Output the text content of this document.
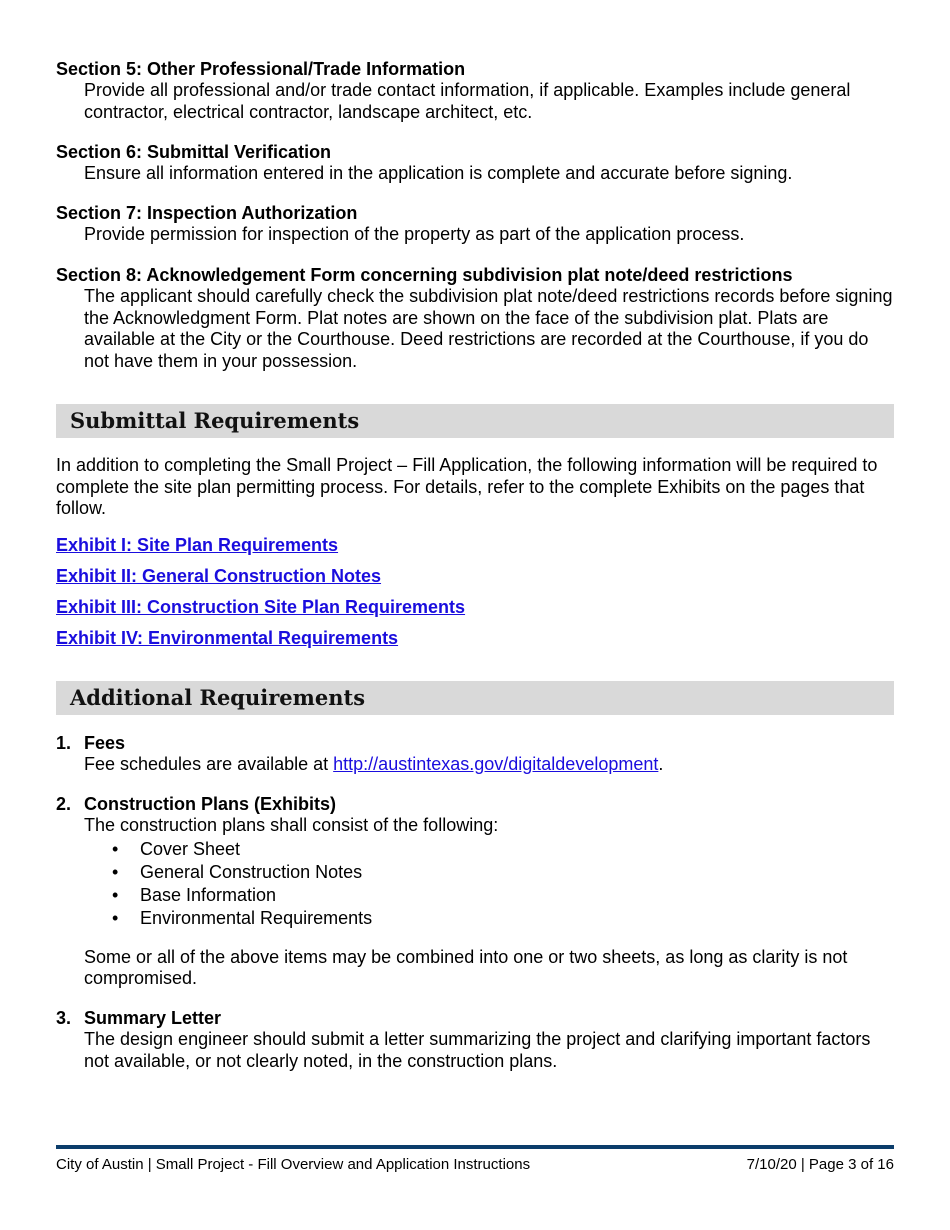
Section 5: Other Professional/Trade Information
Provide all professional and/or trade contact information, if applicable. Examples include general contractor, electrical contractor, landscape architect, etc.
Section 6: Submittal Verification
Ensure all information entered in the application is complete and accurate before signing.
Section 7: Inspection Authorization
Provide permission for inspection of the property as part of the application process.
Section 8: Acknowledgement Form concerning subdivision plat note/deed restrictions
The applicant should carefully check the subdivision plat note/deed restrictions records before signing the Acknowledgment Form. Plat notes are shown on the face of the subdivision plat. Plats are available at the City or the Courthouse. Deed restrictions are recorded at the Courthouse, if you do not have them in your possession.
Submittal Requirements
In addition to completing the Small Project – Fill Application, the following information will be required to complete the site plan permitting process. For details, refer to the complete Exhibits on the pages that follow.
Exhibit I: Site Plan Requirements
Exhibit II: General Construction Notes
Exhibit III: Construction Site Plan Requirements
Exhibit IV: Environmental Requirements
Additional Requirements
1. Fees
Fee schedules are available at http://austintexas.gov/digitaldevelopment.
2. Construction Plans (Exhibits)
The construction plans shall consist of the following:
• Cover Sheet
• General Construction Notes
• Base Information
• Environmental Requirements
Some or all of the above items may be combined into one or two sheets, as long as clarity is not compromised.
3. Summary Letter
The design engineer should submit a letter summarizing the project and clarifying important factors not available, or not clearly noted, in the construction plans.
City of Austin | Small Project - Fill Overview and Application Instructions	7/10/20 | Page 3 of 16
